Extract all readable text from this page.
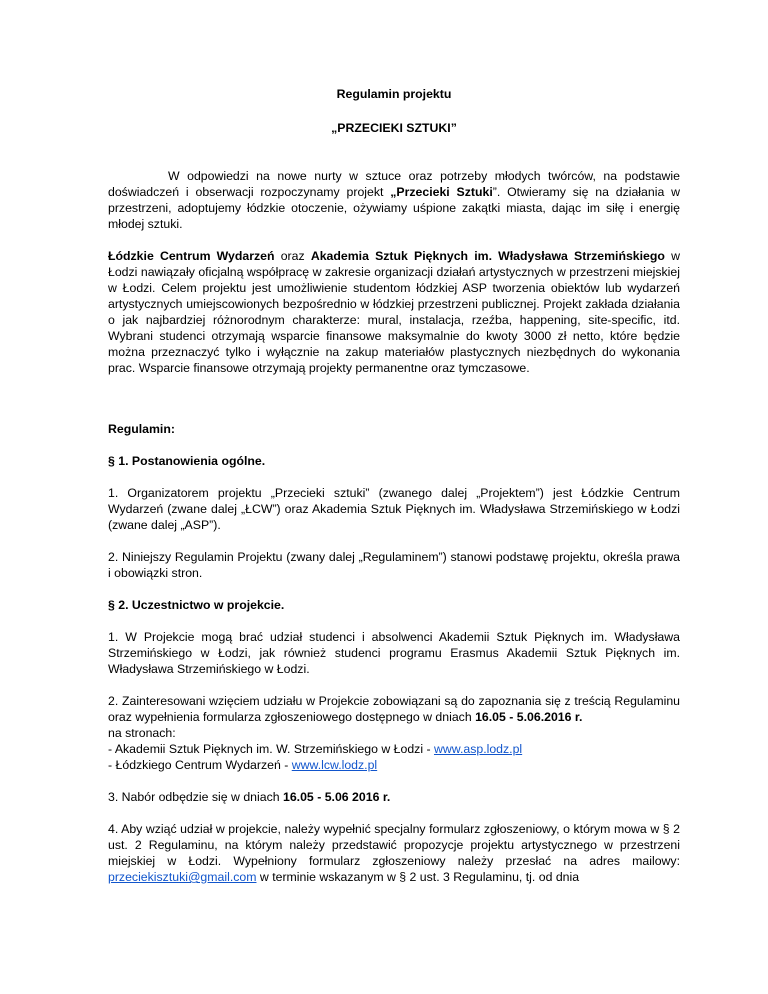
Regulamin projektu

„PRZECIEKI SZTUKI”

W odpowiedzi na nowe nurty w sztuce oraz potrzeby młodych twórców, na podstawie doświadczeń i obserwacji rozpoczynamy projekt „Przecieki Sztuki”. Otwieramy się na działania w przestrzeni, adoptujemy łódzkie otoczenie, ożywiamy uśpione zakątki miasta, dając im siłę i energię młodej sztuki.

Łódzkie Centrum Wydarzeń oraz Akademia Sztuk Pięknych im. Władysława Strzemińskiego w Łodzi nawiązały oficjalną współpracę w zakresie organizacji działań artystycznych w przestrzeni miejskiej w Łodzi. Celem projektu jest umożliwienie studentom łódzkiej ASP tworzenia obiektów lub wydarzeń artystycznych umiejscowionych bezpośrednio w łódzkiej przestrzeni publicznej. Projekt zakłada działania o jak najbardziej różnorodnym charakterze: mural, instalacja, rzeźba, happening, site-specific, itd. Wybrani studenci otrzymają wsparcie finansowe maksymalnie do kwoty 3000 zł netto, które będzie można przeznaczyć tylko i wyłącznie na zakup materiałów plastycznych niezbędnych do wykonania prac. Wsparcie finansowe otrzymają projekty permanentne oraz tymczasowe.

Regulamin:

§ 1. Postanowienia ogólne.

1. Organizatorem projektu „Przecieki sztuki” (zwanego dalej „Projektem”) jest Łódzkie Centrum Wydarzeń (zwane dalej „ŁCW”) oraz Akademia Sztuk Pięknych im. Władysława Strzemińskiego w Łodzi (zwane dalej „ASP”).

2. Niniejszy Regulamin Projektu (zwany dalej „Regulaminem”) stanowi podstawę projektu, określa prawa i obowiązki stron.

§ 2. Uczestnictwo w projekcie.

1. W Projekcie mogą brać udział studenci i absolwenci Akademii Sztuk Pięknych im. Władysława Strzemińskiego w Łodzi, jak również studenci programu Erasmus Akademii Sztuk Pięknych im. Władysława Strzemińskiego w Łodzi.

2. Zainteresowani wzięciem udziału w Projekcie zobowiązani są do zapoznania się z treścią Regulaminu oraz wypełnienia formularza zgłoszeniowego dostępnego w dniach 16.05 - 5.06.2016 r.
na stronach:
- Akademii Sztuk Pięknych im. W. Strzemińskiego w Łodzi - www.asp.lodz.pl
- Łódzkiego Centrum Wydarzeń - www.lcw.lodz.pl

3. Nabór odbędzie się w dniach 16.05 - 5.06 2016 r.

4. Aby wziąć udział w projekcie, należy wypełnić specjalny formularz zgłoszeniowy, o którym mowa w § 2 ust. 2 Regulaminu, na którym należy przedstawić propozycje projektu artystycznego w przestrzeni miejskiej w Łodzi. Wypełniony formularz zgłoszeniowy należy przesłać na adres mailowy: przeciekisztuki@gmail.com w terminie wskazanym w § 2 ust. 3 Regulaminu, tj. od dnia
